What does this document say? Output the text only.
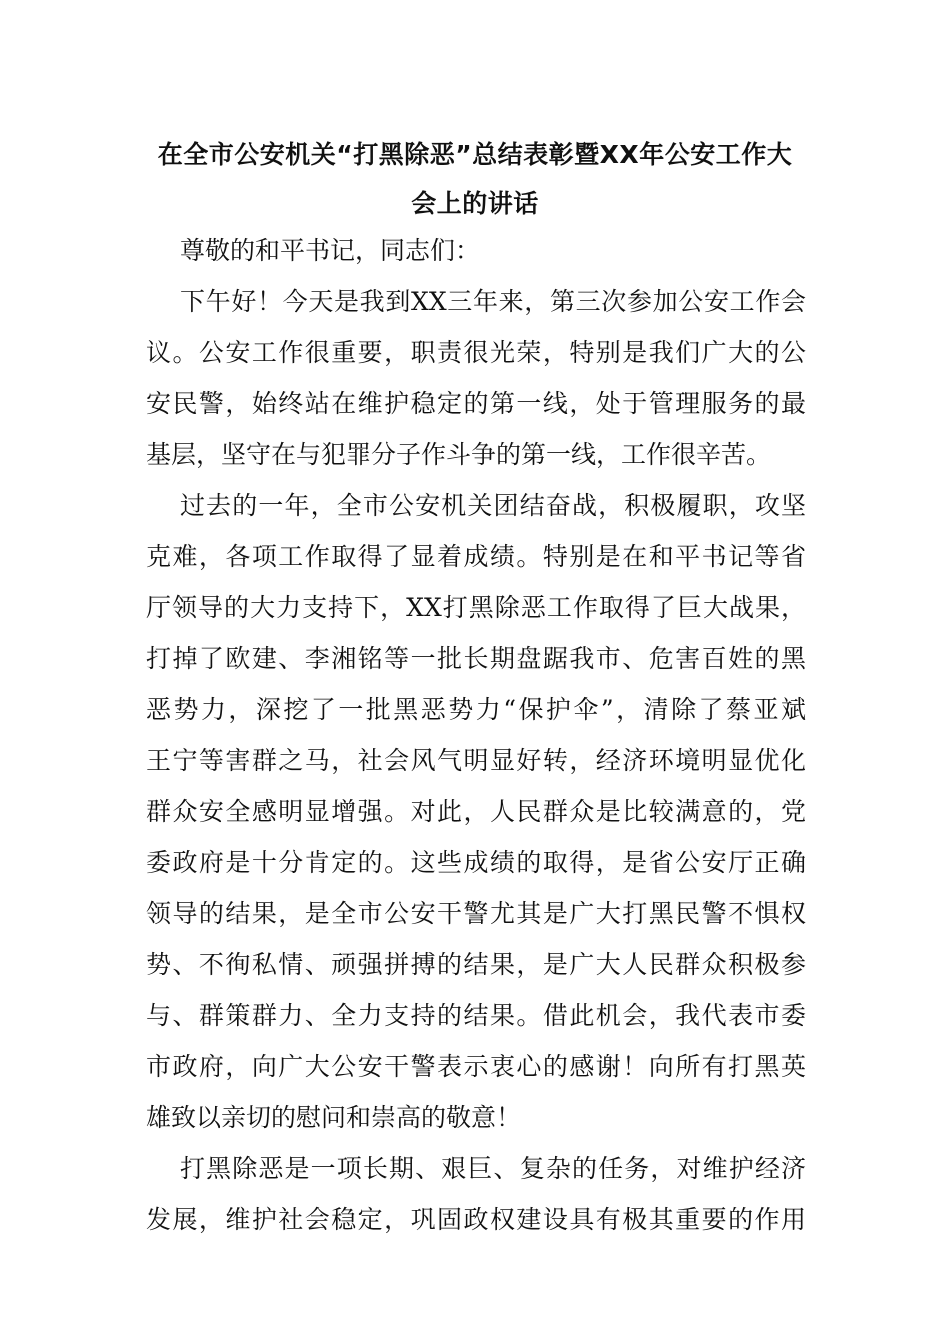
在全市公安机关“打黑除恶”总结表彰暨XX年公安工作大
会上的讲话

尊敬的和平书记，同志们：

下午好！今天是我到XX三年来，第三次参加公安工作会

议。公安工作很重要，职责很光荣，特别是我们广大的公

安民警，始终站在维护稳定的第一线，处于管理服务的最

基层，坚守在与犯罪分子作斗争的第一线，工作很辛苦。

过去的一年，全市公安机关团结奋战，积极履职，攻坚

克难，各项工作取得了显着成绩。特别是在和平书记等省

厅领导的大力支持下，XX打黑除恶工作取得了巨大战果，

打掉了欧建、李湘铭等一批长期盘踞我市、危害百姓的黑

恶势力，深挖了一批黑恶势力“保护伞”，清除了蔡亚斌

王宁等害群之马，社会风气明显好转，经济环境明显优化

群众安全感明显增强。对此，人民群众是比较满意的，党

委政府是十分肯定的。这些成绩的取得，是省公安厅正确

领导的结果，是全市公安干警尤其是广大打黑民警不惧权

势、不徇私情、顽强拼搏的结果，是广大人民群众积极参

与、群策群力、全力支持的结果。借此机会，我代表市委

市政府，向广大公安干警表示衷心的感谢！向所有打黑英

雄致以亲切的慰问和崇高的敬意！

打黑除恶是一项长期、艰巨、复杂的任务，对维护经济

发展，维护社会稳定，巩固政权建设具有极其重要的作用
